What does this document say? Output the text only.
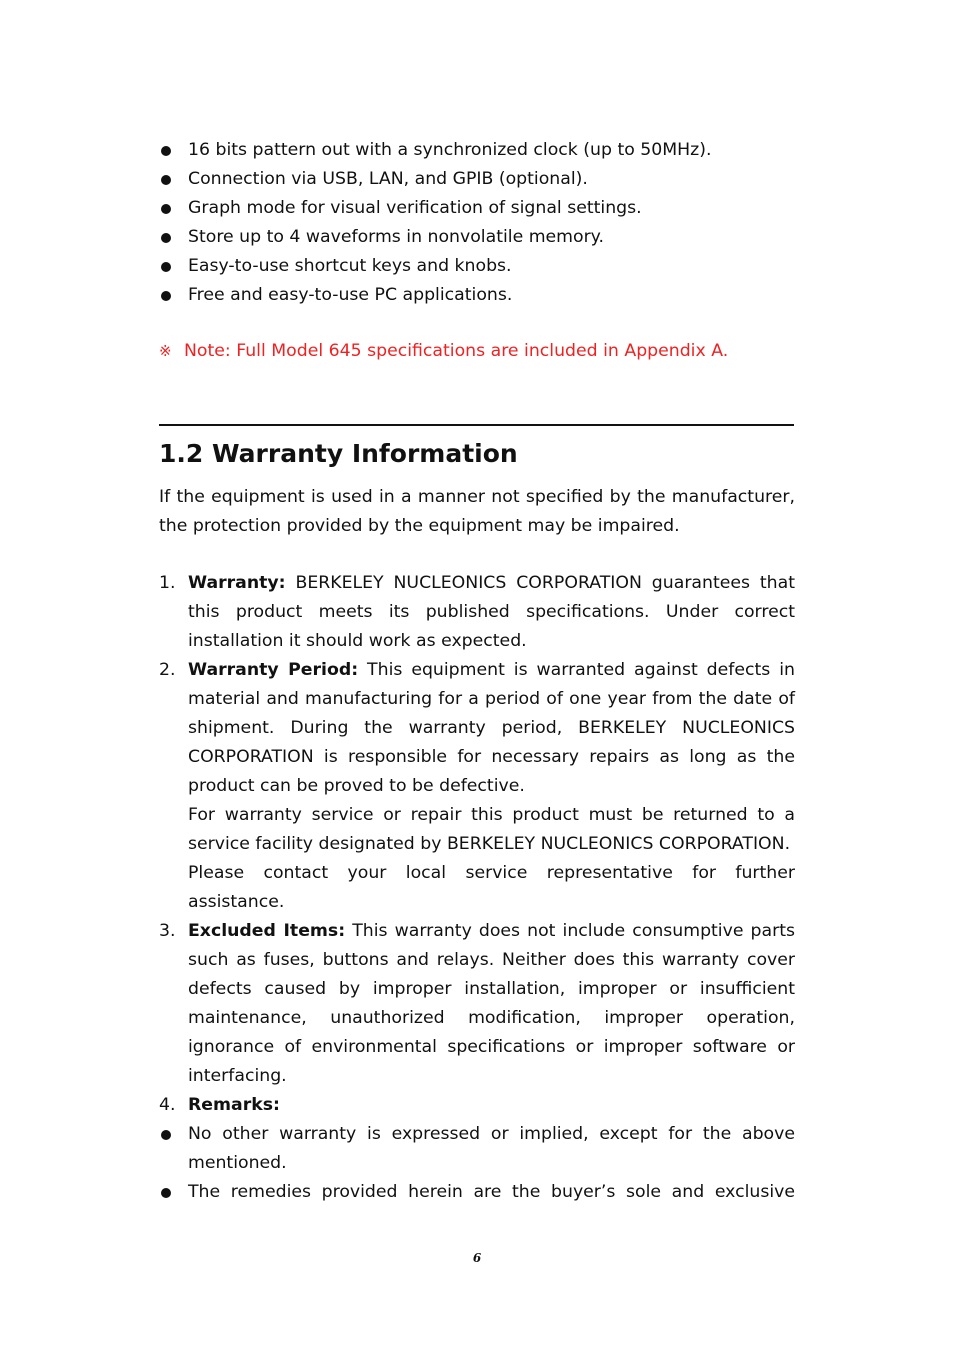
16 bits pattern out with a synchronized clock (up to 50MHz).
Connection via USB, LAN, and GPIB (optional).
Graph mode for visual verification of signal settings.
Store up to 4 waveforms in nonvolatile memory.
Easy-to-use shortcut keys and knobs.
Free and easy-to-use PC applications.
※ Note: Full Model 645 specifications are included in Appendix A.
1.2 Warranty Information
If the equipment is used in a manner not specified by the manufacturer, the protection provided by the equipment may be impaired.
1. Warranty: BERKELEY NUCLEONICS CORPORATION guarantees that this product meets its published specifications. Under correct installation it should work as expected.

2. Warranty Period: This equipment is warranted against defects in material and manufacturing for a period of one year from the date of shipment. During the warranty period, BERKELEY NUCLEONICS CORPORATION is responsible for necessary repairs as long as the product can be proved to be defective.

For warranty service or repair this product must be returned to a

service facility designated by BERKELEY NUCLEONICS CORPORATION.

Please contact your local service representative for further assistance.

3. Excluded Items: This warranty does not include consumptive parts such as fuses, buttons and relays. Neither does this warranty cover defects caused by improper installation, improper or insufficient maintenance, unauthorized modification, improper operation, ignorance of environmental specifications or improper software or interfacing.

4. Remarks:

No other warranty is expressed or implied, except for the above mentioned.
The remedies provided herein are the buyer’s sole and exclusive
6
